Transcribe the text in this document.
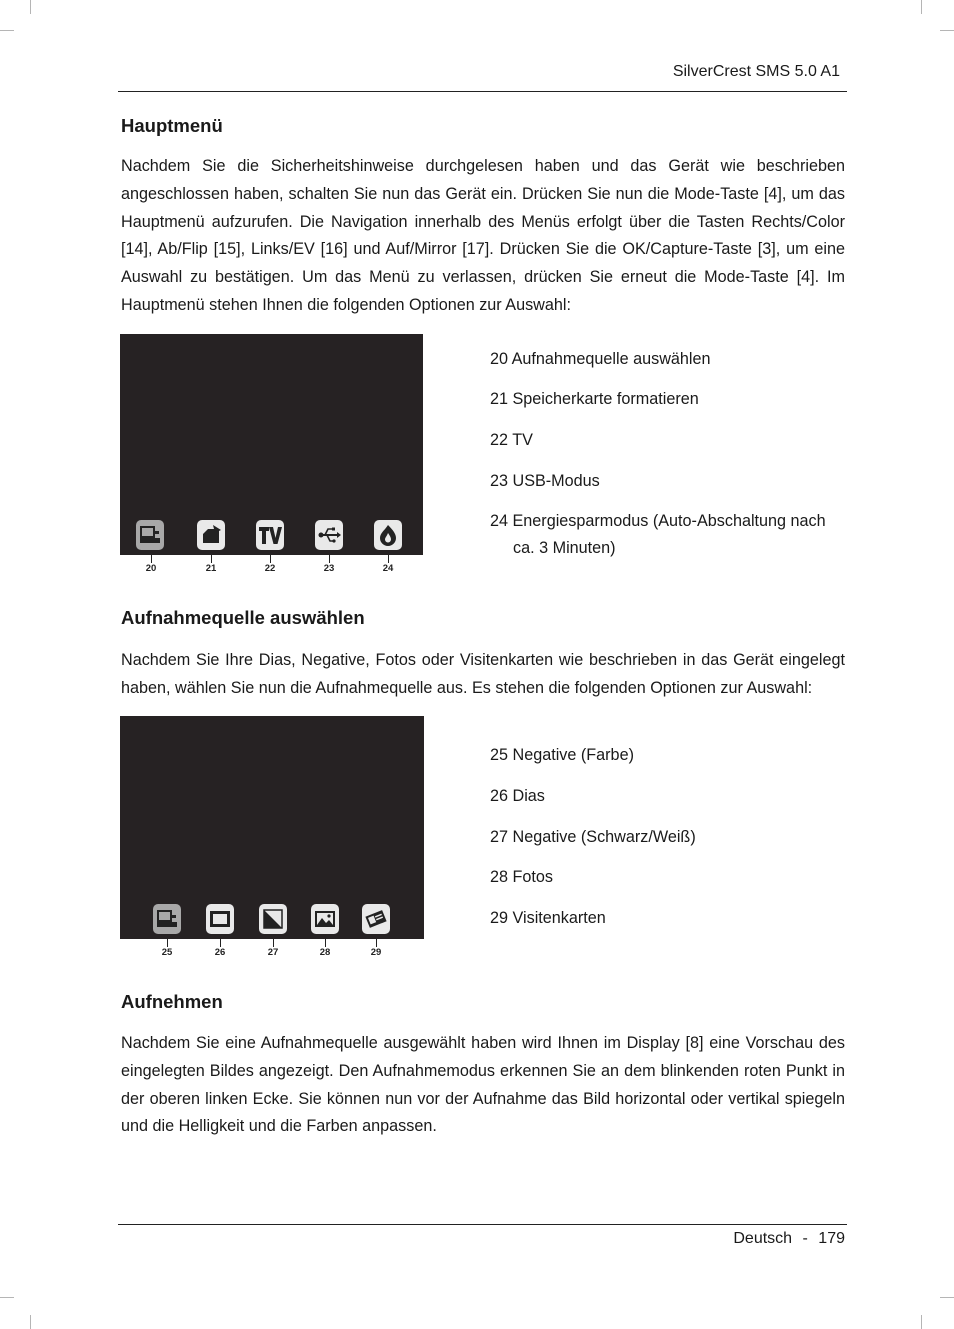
SilverCrest SMS 5.0 A1
Hauptmenü

Nachdem Sie die Sicherheitshinweise durchgelesen haben und das Gerät wie beschrieben angeschlossen haben, schalten Sie nun das Gerät ein. Drücken Sie nun die Mode-Taste [4], um das Hauptmenü aufzurufen. Die Navigation innerhalb des Menüs erfolgt über die Tasten Rechts/Color [14], Ab/Flip [15], Links/EV [16] und Auf/Mirror [17]. Drücken Sie die OK/Capture-Taste [3], um eine Auswahl zu bestätigen. Um das Menü zu verlassen, drücken Sie erneut die Mode-Taste [4]. Im Hauptmenü stehen Ihnen die folgenden Optionen zur Auswahl:

20	21	22	23	24
20 Aufnahmequelle auswählen
21 Speicherkarte formatieren
22 TV
23 USB-Modus
24 Energiesparmodus (Auto-Abschaltung nach
ca. 3 Minuten)
Aufnahmequelle auswählen

Nachdem Sie Ihre Dias, Negative, Fotos oder Visitenkarten wie beschrieben in das Gerät eingelegt haben, wählen Sie nun die Aufnahmequelle aus. Es stehen die folgenden Optionen zur Auswahl:

25	26	27	28	29
25 Negative (Farbe)
26 Dias
27 Negative (Schwarz/Weiß)
28 Fotos
29 Visitenkarten
Aufnehmen

Nachdem Sie eine Aufnahmequelle ausgewählt haben wird Ihnen im Display [8] eine Vorschau des eingelegten Bildes angezeigt. Den Aufnahmemodus erkennen Sie an dem blinkenden roten Punkt in der oberen linken Ecke. Sie können nun vor der Aufnahme das Bild horizontal oder vertikal spiegeln und die Helligkeit und die Farben anpassen.

Deutsch - 179
